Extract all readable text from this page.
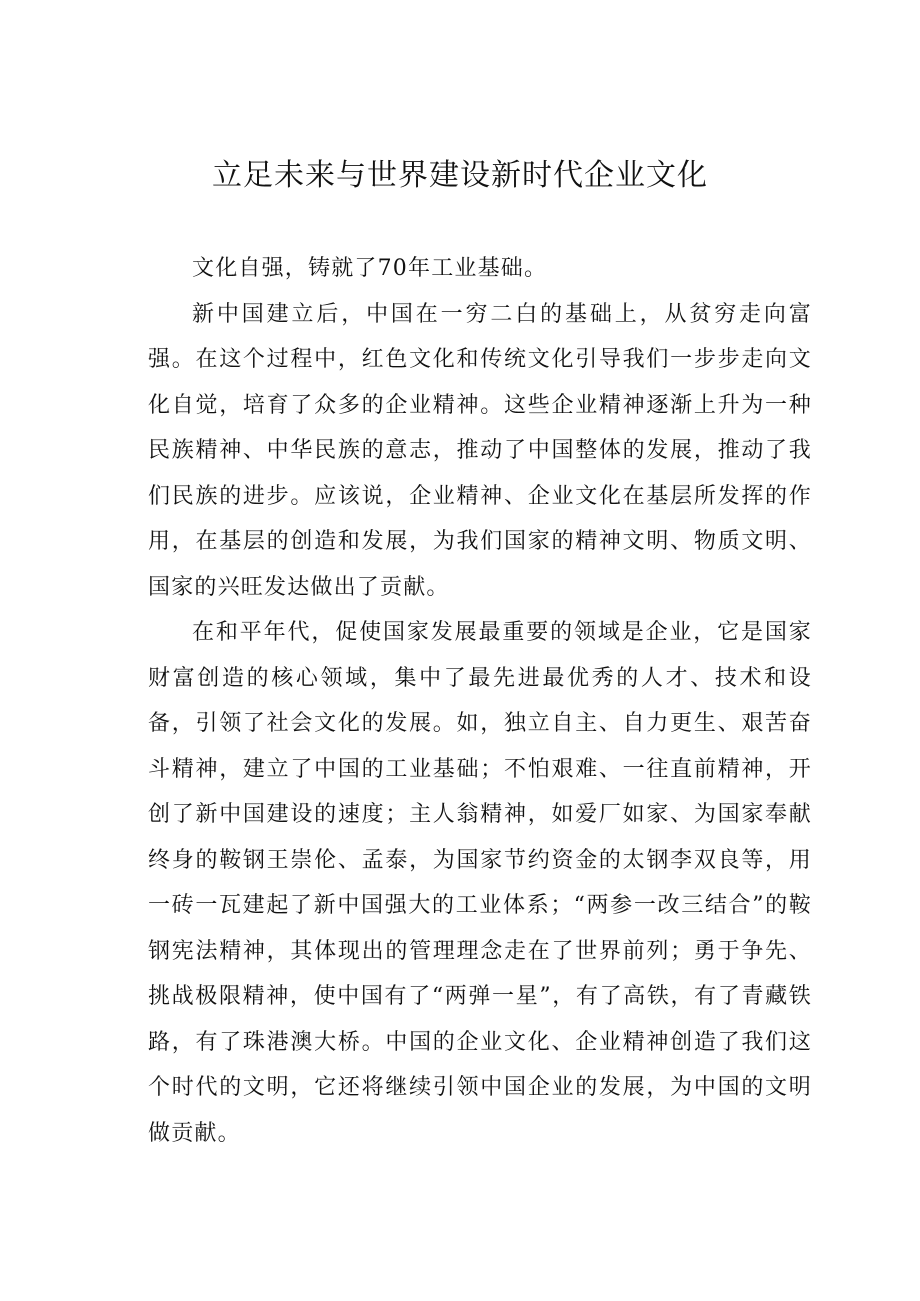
立足未来与世界建设新时代企业文化

文化自强，铸就了70年工业基础。

新中国建立后，中国在一穷二白的基础上，从贫穷走向富强。在这个过程中，红色文化和传统文化引导我们一步步走向文化自觉，培育了众多的企业精神。这些企业精神逐渐上升为一种民族精神、中华民族的意志，推动了中国整体的发展，推动了我们民族的进步。应该说，企业精神、企业文化在基层所发挥的作用，在基层的创造和发展，为我们国家的精神文明、物质文明、国家的兴旺发达做出了贡献。

在和平年代，促使国家发展最重要的领域是企业，它是国家财富创造的核心领域，集中了最先进最优秀的人才、技术和设备，引领了社会文化的发展。如，独立自主、自力更生、艰苦奋斗精神，建立了中国的工业基础；不怕艰难、一往直前精神，开创了新中国建设的速度；主人翁精神，如爱厂如家、为国家奉献终身的鞍钢王崇伦、孟泰，为国家节约资金的太钢李双良等，用一砖一瓦建起了新中国强大的工业体系；“两参一改三结合”的鞍钢宪法精神，其体现出的管理理念走在了世界前列；勇于争先、挑战极限精神，使中国有了“两弹一星”，有了高铁，有了青藏铁路，有了珠港澳大桥。中国的企业文化、企业精神创造了我们这个时代的文明，它还将继续引领中国企业的发展，为中国的文明做贡献。
